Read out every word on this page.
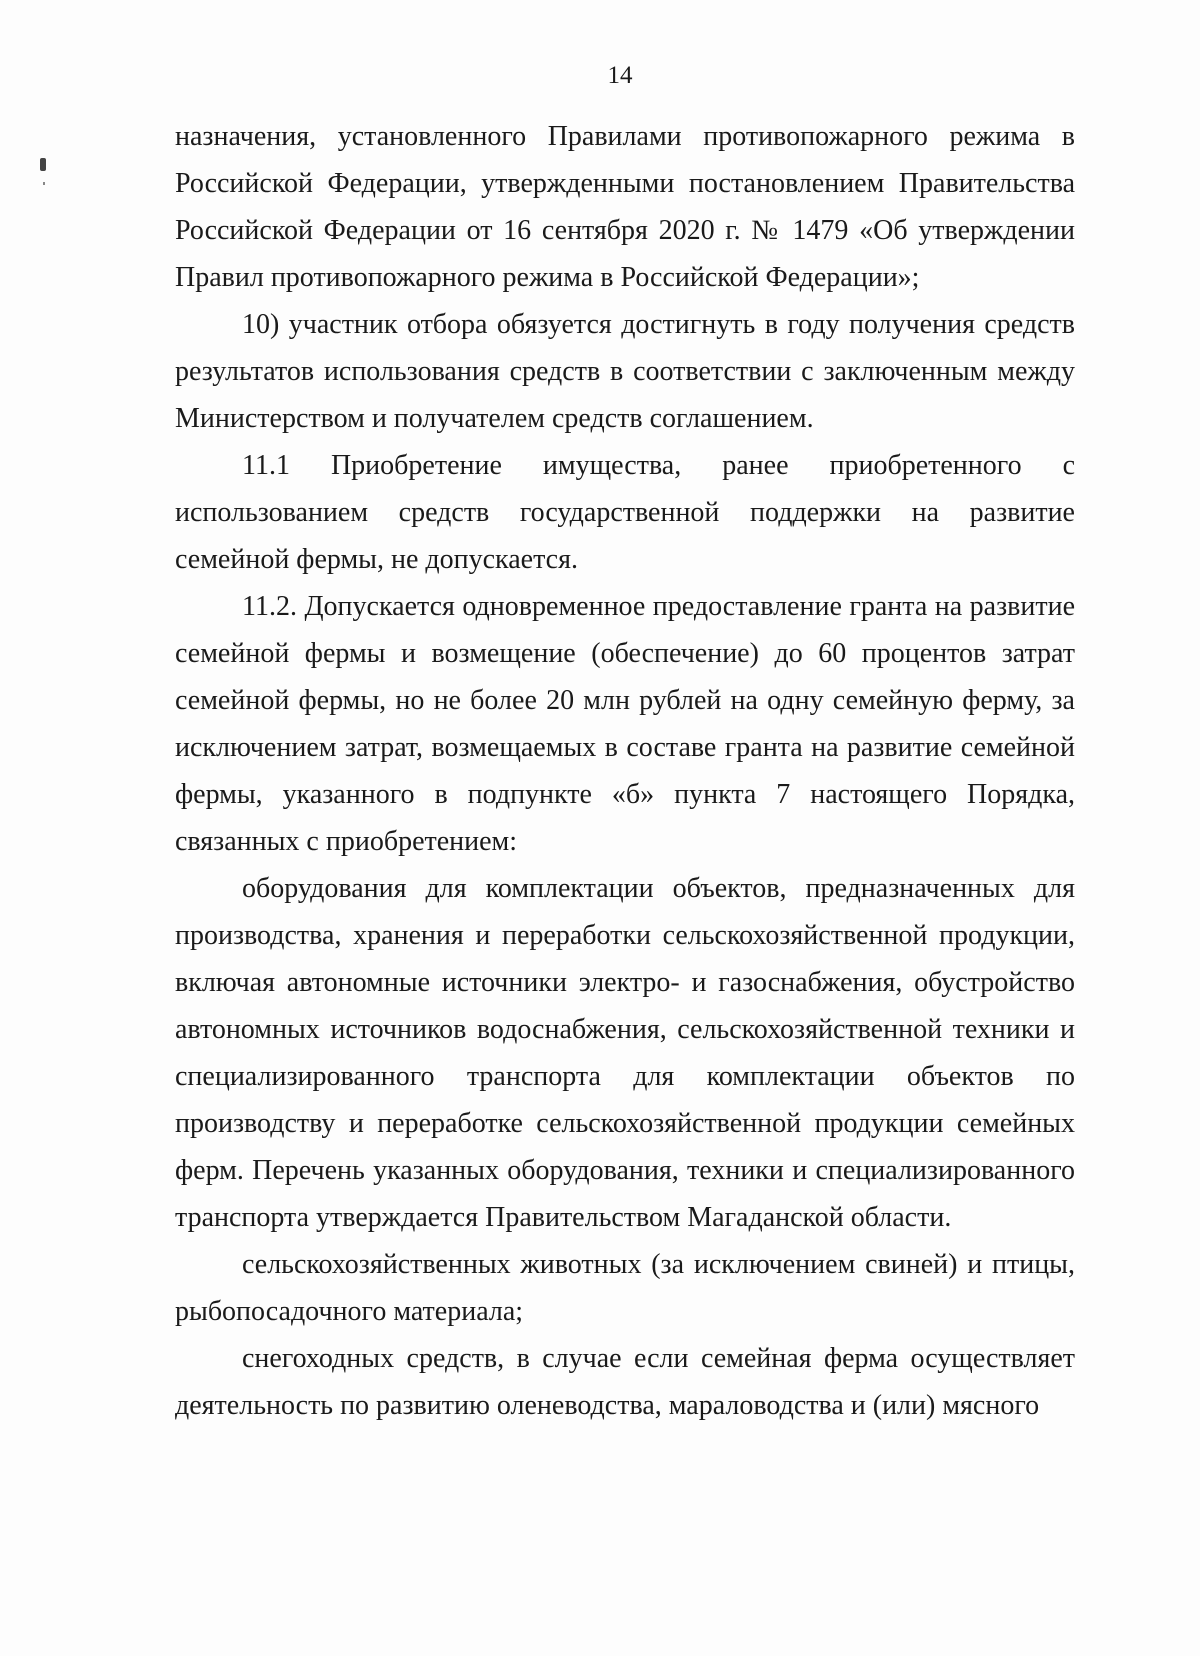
14

назначения, установленного Правилами противопожарного режима в Российской Федерации, утвержденными постановлением Правительства Российской Федерации от 16 сентября 2020 г. № 1479 «Об утверждении Правил противопожарного режима в Российской Федерации»;

10) участник отбора обязуется достигнуть в году получения средств результатов использования средств в соответствии с заключенным между Министерством и получателем средств соглашением.

11.1 Приобретение имущества, ранее приобретенного с использованием средств государственной поддержки на развитие семейной фермы, не допускается.

11.2. Допускается одновременное предоставление гранта на развитие семейной фермы и возмещение (обеспечение) до 60 процентов затрат семейной фермы, но не более 20 млн рублей на одну семейную ферму, за исключением затрат, возмещаемых в составе гранта на развитие семейной фермы, указанного в подпункте «б» пункта 7 настоящего Порядка, связанных с приобретением:

оборудования для комплектации объектов, предназначенных для производства, хранения и переработки сельскохозяйственной продукции, включая автономные источники электро- и газоснабжения, обустройство автономных источников водоснабжения, сельскохозяйственной техники и специализированного транспорта для комплектации объектов по производству и переработке сельскохозяйственной продукции семейных ферм. Перечень указанных оборудования, техники и специализированного транспорта утверждается Правительством Магаданской области.

сельскохозяйственных животных (за исключением свиней) и птицы, рыбопосадочного материала;

снегоходных средств, в случае если семейная ферма осуществляет деятельность по развитию оленеводства, мараловодства и (или) мясного
